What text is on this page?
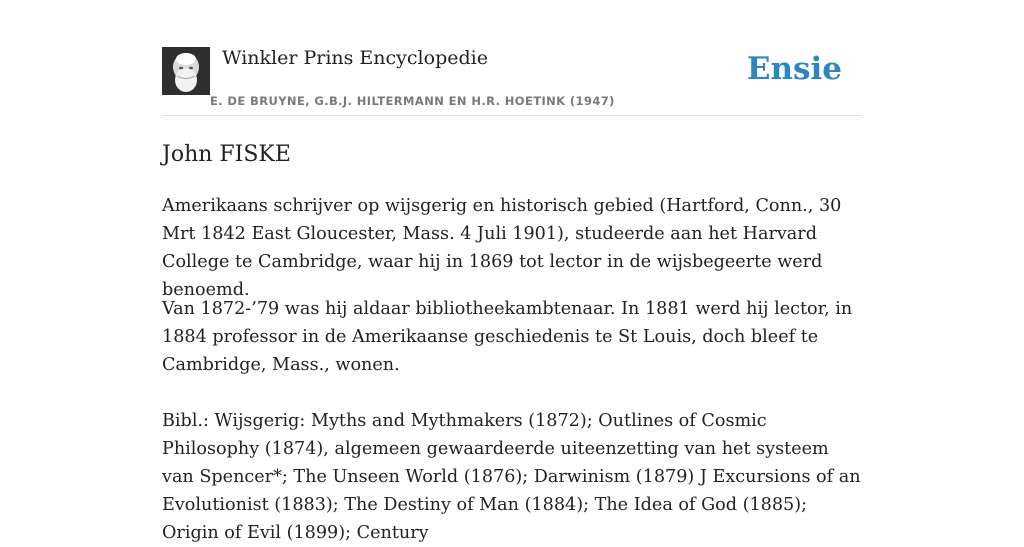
Winkler Prins Encyclopedie
E. DE BRUYNE, G.B.J. HILTERMANN EN H.R. HOETINK (1947)
Ensie
John FISKE

Amerikaans schrijver op wijsgerig en historisch gebied (Hartford, Conn., 30 Mrt 1842 East Gloucester, Mass. 4 Juli 1901), studeerde aan het Harvard College te Cambridge, waar hij in 1869 tot lector in de wijsbegeerte werd benoemd.

Van 1872-’79 was hij aldaar bibliotheekambtenaar. In 1881 werd hij lector, in 1884 professor in de Amerikaanse geschiedenis te St Louis, doch bleef te Cambridge, Mass., wonen.

Bibl.: Wijsgerig: Myths and Mythmakers (1872); Outlines of Cosmic Philosophy (1874), algemeen gewaardeerde uiteenzetting van het systeem van Spencer*; The Unseen World (1876); Darwinism (1879) J Excursions of an Evolutionist (1883); The Destiny of Man (1884); The Idea of God (1885); Origin of Evil (1899); Century
